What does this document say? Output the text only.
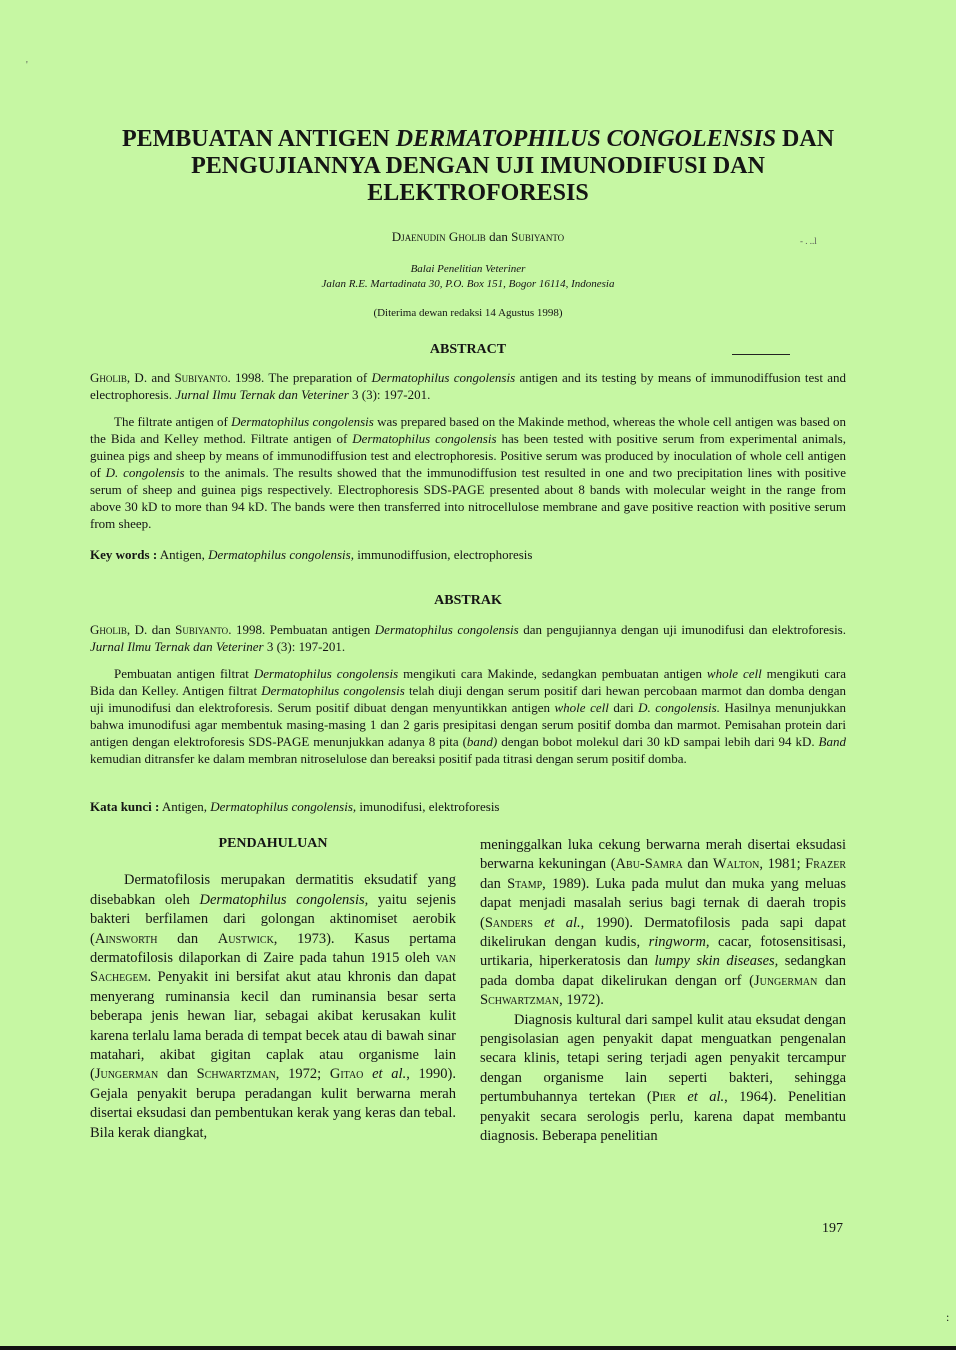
'
PEMBUATAN ANTIGEN DERMATOPHILUS CONGOLENSIS DAN PENGUJIANNYA DENGAN UJI IMUNODIFUSI DAN ELEKTROFORESIS
- . ..l
Djaenudin Gholib dan Subiyanto
Balai Penelitian Veteriner
Jalan R.E. Martadinata 30, P.O. Box 151, Bogor 16114, Indonesia
(Diterima dewan redaksi 14 Agustus 1998)
ABSTRACT

Gholib, D. and Subiyanto. 1998. The preparation of Dermatophilus congolensis antigen and its testing by means of immunodiffusion test and electrophoresis. Jurnal Ilmu Ternak dan Veteriner 3 (3): 197-201.

The filtrate antigen of Dermatophilus congolensis was prepared based on the Makinde method, whereas the whole cell antigen was based on the Bida and Kelley method. Filtrate antigen of Dermatophilus congolensis has been tested with positive serum from experimental animals, guinea pigs and sheep by means of immunodiffusion test and electrophoresis. Positive serum was produced by inoculation of whole cell antigen of D. congolensis to the animals. The results showed that the immunodiffusion test resulted in one and two precipitation lines with positive serum of sheep and guinea pigs respectively. Electrophoresis SDS-PAGE presented about 8 bands with molecular weight in the range from above 30 kD to more than 94 kD. The bands were then transferred into nitrocellulose membrane and gave positive reaction with positive serum from sheep.

Key words : Antigen, Dermatophilus congolensis, immunodiffusion, electrophoresis

ABSTRAK

Gholib, D. dan Subiyanto. 1998. Pembuatan antigen Dermatophilus congolensis dan pengujiannya dengan uji imunodifusi dan elektroforesis. Jurnal Ilmu Ternak dan Veteriner 3 (3): 197-201.

Pembuatan antigen filtrat Dermatophilus congolensis mengikuti cara Makinde, sedangkan pembuatan antigen whole cell mengikuti cara Bida dan Kelley. Antigen filtrat Dermatophilus congolensis telah diuji dengan serum positif dari hewan percobaan marmot dan domba dengan uji imunodifusi dan elektroforesis. Serum positif dibuat dengan menyuntikkan antigen whole cell dari D. congolensis. Hasilnya menunjukkan bahwa imunodifusi agar membentuk masing-masing 1 dan 2 garis presipitasi dengan serum positif domba dan marmot. Pemisahan protein dari antigen dengan elektroforesis SDS-PAGE menunjukkan adanya 8 pita (band) dengan bobot molekul dari 30 kD sampai lebih dari 94 kD. Band kemudian ditransfer ke dalam membran nitroselulose dan bereaksi positif pada titrasi dengan serum positif domba.

Kata kunci : Antigen, Dermatophilus congolensis, imunodifusi, elektroforesis

PENDAHULUAN

Dermatofilosis merupakan dermatitis eksudatif yang disebabkan oleh Dermatophilus congolensis, yaitu sejenis bakteri berfilamen dari golongan aktinomiset aerobik (Ainsworth dan Austwick, 1973). Kasus pertama dermatofilosis dilaporkan di Zaire pada tahun 1915 oleh van Sachegem. Penyakit ini bersifat akut atau khronis dan dapat menyerang ruminansia kecil dan ruminansia besar serta beberapa jenis hewan liar, sebagai akibat kerusakan kulit karena terlalu lama berada di tempat becek atau di bawah sinar matahari, akibat gigitan caplak atau organisme lain (Jungerman dan Schwartzman, 1972; Gitao et al., 1990). Gejala penyakit berupa peradangan kulit berwarna merah disertai eksudasi dan pembentukan kerak yang keras dan tebal. Bila kerak diangkat,

meninggalkan luka cekung berwarna merah disertai eksudasi berwarna kekuningan (Abu-Samra dan Walton, 1981; Frazer dan Stamp, 1989). Luka pada mulut dan muka yang meluas dapat menjadi masalah serius bagi ternak di daerah tropis (Sanders et al., 1990). Dermatofilosis pada sapi dapat dikelirukan dengan kudis, ringworm, cacar, fotosensitisasi, urtikaria, hiperkeratosis dan lumpy skin diseases, sedangkan pada domba dapat dikelirukan dengan orf (Jungerman dan Schwartzman, 1972).

Diagnosis kultural dari sampel kulit atau eksudat dengan pengisolasian agen penyakit dapat menguatkan pengenalan secara klinis, tetapi sering terjadi agen penyakit tercampur dengan organisme lain seperti bakteri, sehingga pertumbuhannya tertekan (Pier et al., 1964). Penelitian penyakit secara serologis perlu, karena dapat membantu diagnosis. Beberapa penelitian

197
:
